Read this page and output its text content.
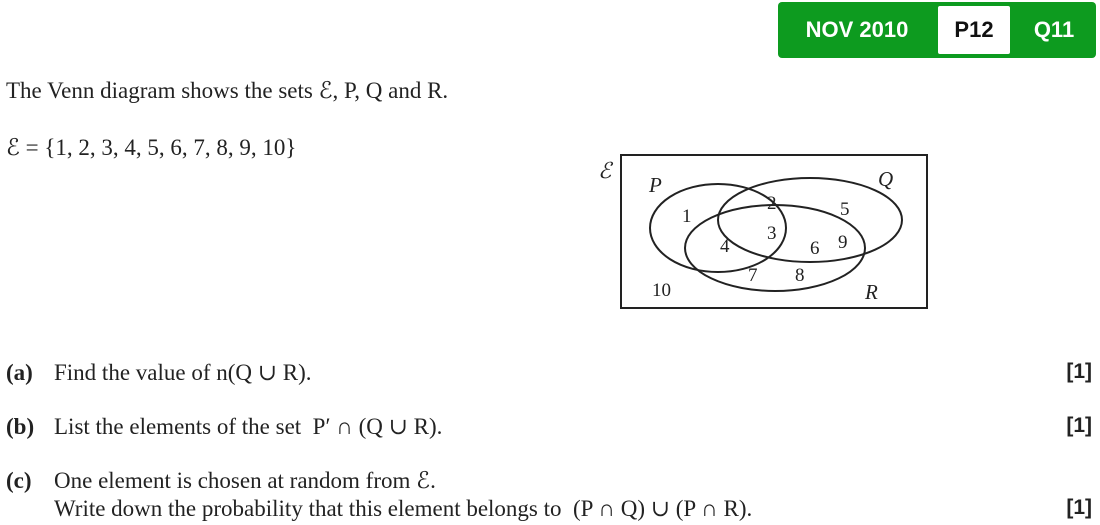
NOV 2010	P12	Q11
The Venn diagram shows the sets ℰ, P, Q and R.
ℰ = {1, 2, 3, 4, 5, 6, 7, 8, 9, 10}
ℰ
P	Q
R
1
2
3
4
5
6 9
7 8
10
(a) Find the value of n(Q ∪ R).	[1]
(b) List the elements of the set  P′ ∩ (Q ∪ R).	[1]
(c) One element is chosen at random from ℰ.
Write down the probability that this element belongs to  (P ∩ Q) ∪ (P ∩ R).	[1]
